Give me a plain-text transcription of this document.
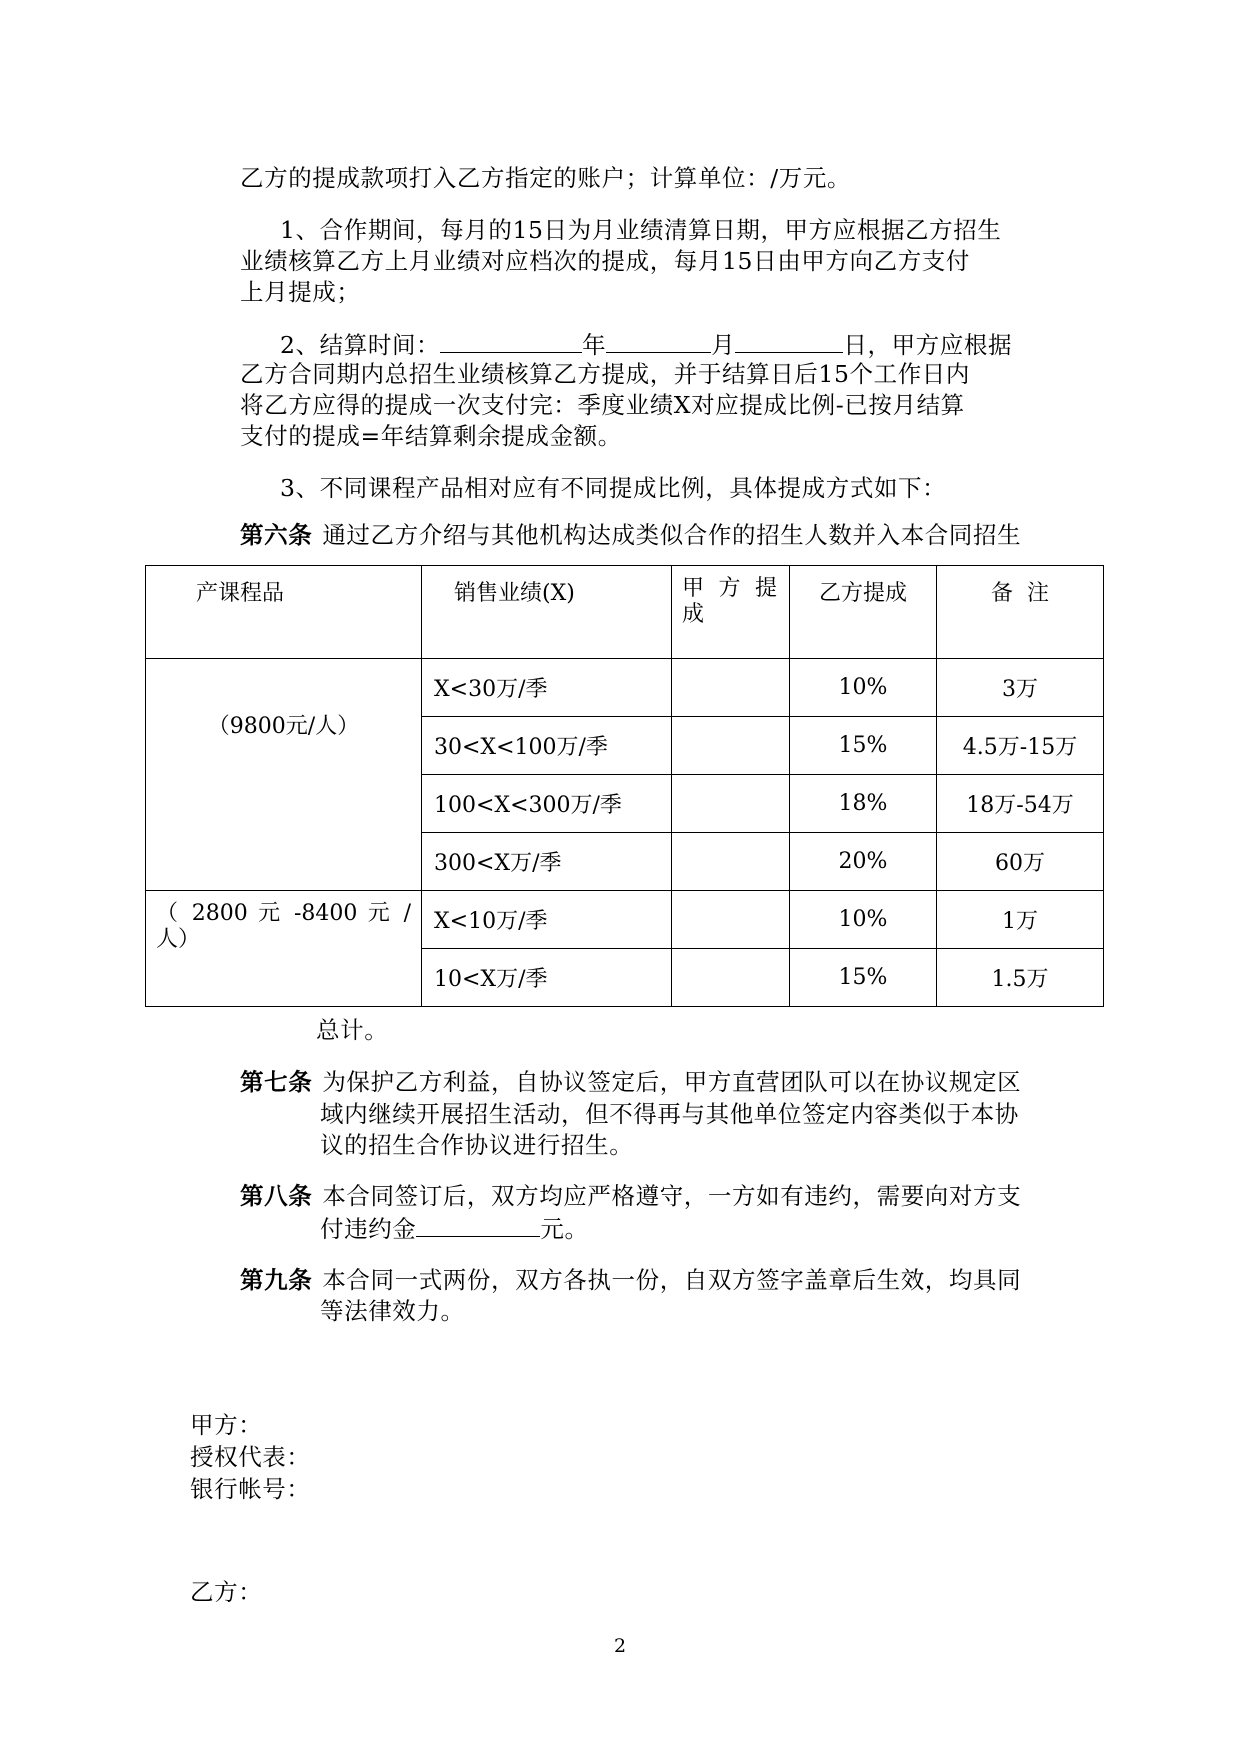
乙方的提成款项打入乙方指定的账户；计算单位：/万元。
1、合作期间，每月的15日为月业绩清算日期，甲方应根据乙方招生
业绩核算乙方上月业绩对应档次的提成，每月15日由甲方向乙方支付
上月提成；
2、结算时间：	年	月	日，甲方应根据
乙方合同期内总招生业绩核算乙方提成，并于结算日后15个工作日内
将乙方应得的提成一次支付完：季度业绩X对应提成比例-已按月结算
支付的提成=年结算剩余提成金额。
3、不同课程产品相对应有不同提成比例，具体提成方式如下：
第六条 通过乙方介绍与其他机构达成类似合作的招生人数并入本合同招生
产课程品	销售业绩(X)	甲方提成	乙方提成	备  注
（9800元/人）	X<30万/季		10%	3万
	30<X<100万/季		15%	4.5万-15万
	100<X<300万/季		18%	18万-54万
	300<X万/季		20%	60万
（ 2800 元 -8400 元 / 人）	X<10万/季		10%	1万
	10<X万/季		15%	1.5万
总计。
第七条 为保护乙方利益，自协议签定后，甲方直营团队可以在协议规定区
域内继续开展招生活动，但不得再与其他单位签定内容类似于本协
议的招生合作协议进行招生。
第八条 本合同签订后，双方均应严格遵守，一方如有违约，需要向对方支
付违约金	元。
第九条 本合同一式两份，双方各执一份，自双方签字盖章后生效，均具同
等法律效力。
甲方：
授权代表：
银行帐号：
乙方：
2
